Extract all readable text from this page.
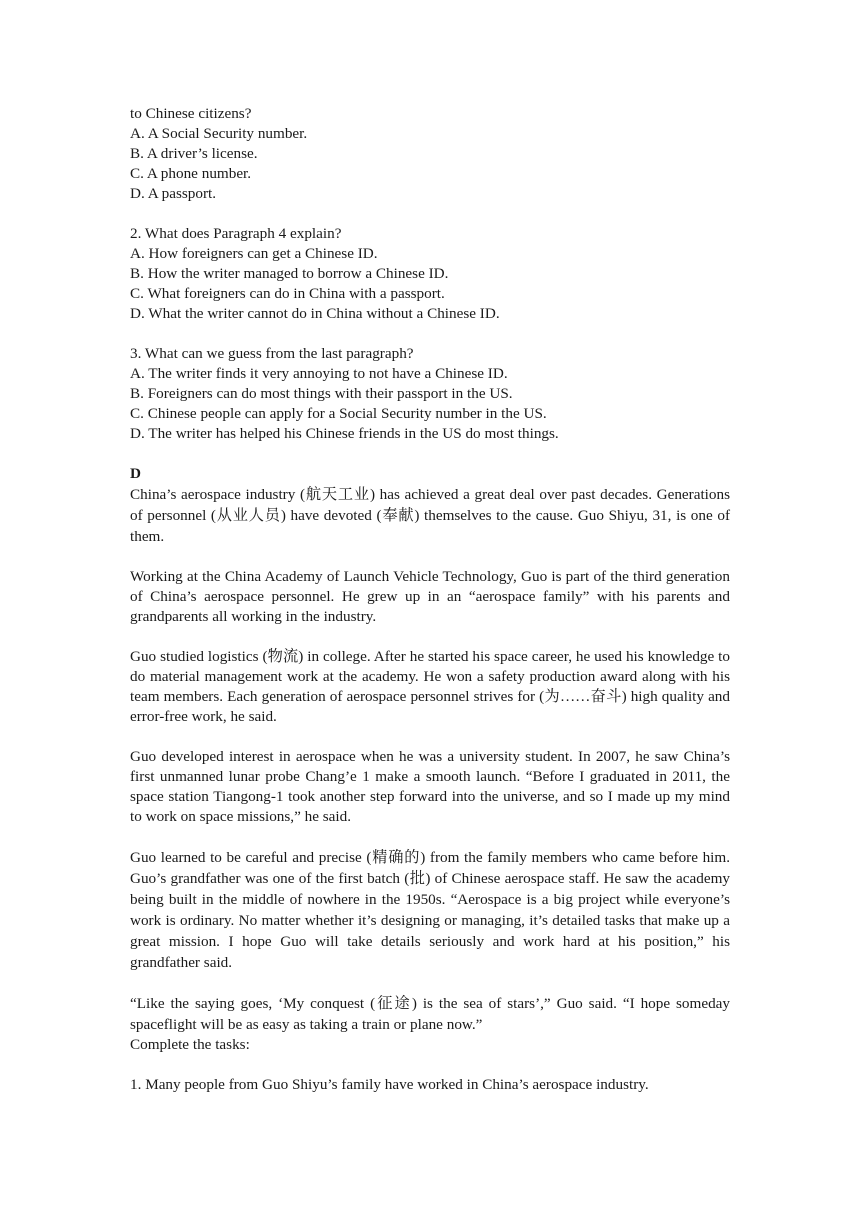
to Chinese citizens?
A. A Social Security number.
B. A driver’s license.
C. A phone number.
D. A passport.
2. What does Paragraph 4 explain?
A. How foreigners can get a Chinese ID.
B. How the writer managed to borrow a Chinese ID.
C. What foreigners can do in China with a passport.
D. What the writer cannot do in China without a Chinese ID.
3. What can we guess from the last paragraph?
A. The writer finds it very annoying to not have a Chinese ID.
B. Foreigners can do most things with their passport in the US.
C. Chinese people can apply for a Social Security number in the US.
D. The writer has helped his Chinese friends in the US do most things.
D
China’s aerospace industry (航天工业) has achieved a great deal over past decades. Generations of personnel (从业人员) have devoted (奉献) themselves to the cause. Guo Shiyu, 31, is one of them.
Working at the China Academy of Launch Vehicle Technology, Guo is part of the third generation of China’s aerospace personnel. He grew up in an “aerospace family” with his parents and grandparents all working in the industry.
Guo studied logistics (物流) in college. After he started his space career, he used his knowledge to do material management work at the academy. He won a safety production award along with his team members. Each generation of aerospace personnel strives for (为……奋斗) high quality and error-free work, he said.
Guo developed interest in aerospace when he was a university student. In 2007, he saw China’s first unmanned lunar probe Chang’e 1 make a smooth launch. “Before I graduated in 2011, the space station Tiangong-1 took another step forward into the universe, and so I made up my mind to work on space missions,” he said.
Guo learned to be careful and precise (精确的) from the family members who came before him. Guo’s grandfather was one of the first batch (批) of Chinese aerospace staff. He saw the academy being built in the middle of nowhere in the 1950s. “Aerospace is a big project while everyone’s work is ordinary. No matter whether it’s designing or managing, it’s detailed tasks that make up a great mission. I hope Guo will take details seriously and work hard at his position,” his grandfather said.
“Like the saying goes, ‘My conquest (征途) is the sea of stars’,” Guo said. “I hope someday spaceflight will be as easy as taking a train or plane now.”
Complete the tasks:
1. Many people from Guo Shiyu’s family have worked in China’s aerospace industry.
